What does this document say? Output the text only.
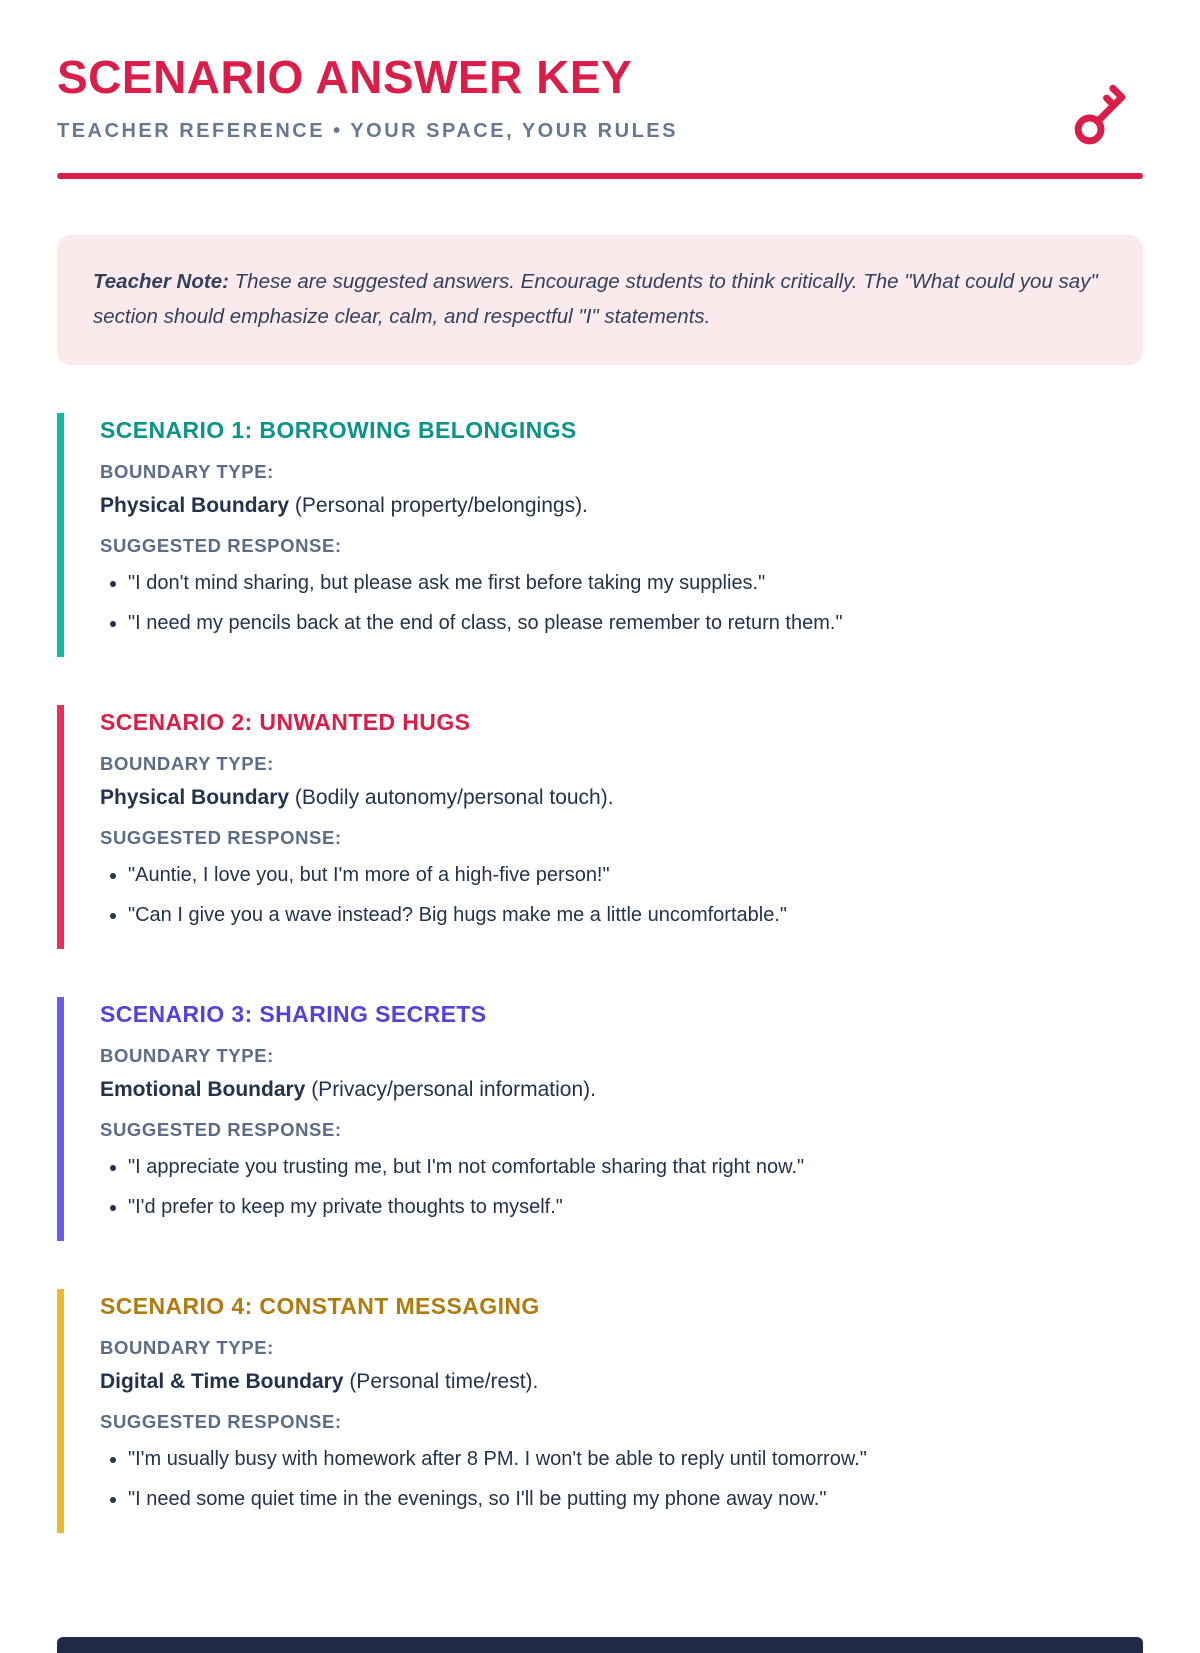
SCENARIO ANSWER KEY
TEACHER REFERENCE • YOUR SPACE, YOUR RULES
Teacher Note: These are suggested answers. Encourage students to think critically. The "What could you say" section should emphasize clear, calm, and respectful "I" statements.
SCENARIO 1: BORROWING BELONGINGS
BOUNDARY TYPE:

Physical Boundary (Personal property/belongings).

SUGGESTED RESPONSE:
• "I don't mind sharing, but please ask me first before taking my supplies."
• "I need my pencils back at the end of class, so please remember to return them."
SCENARIO 2: UNWANTED HUGS
BOUNDARY TYPE:

Physical Boundary (Bodily autonomy/personal touch).

SUGGESTED RESPONSE:
• "Auntie, I love you, but I'm more of a high-five person!"
• "Can I give you a wave instead? Big hugs make me a little uncomfortable."
SCENARIO 3: SHARING SECRETS
BOUNDARY TYPE:

Emotional Boundary (Privacy/personal information).

SUGGESTED RESPONSE:
• "I appreciate you trusting me, but I'm not comfortable sharing that right now."
• "I'd prefer to keep my private thoughts to myself."
SCENARIO 4: CONSTANT MESSAGING
BOUNDARY TYPE:

Digital & Time Boundary (Personal time/rest).

SUGGESTED RESPONSE:
• "I'm usually busy with homework after 8 PM. I won't be able to reply until tomorrow."
• "I need some quiet time in the evenings, so I'll be putting my phone away now."
